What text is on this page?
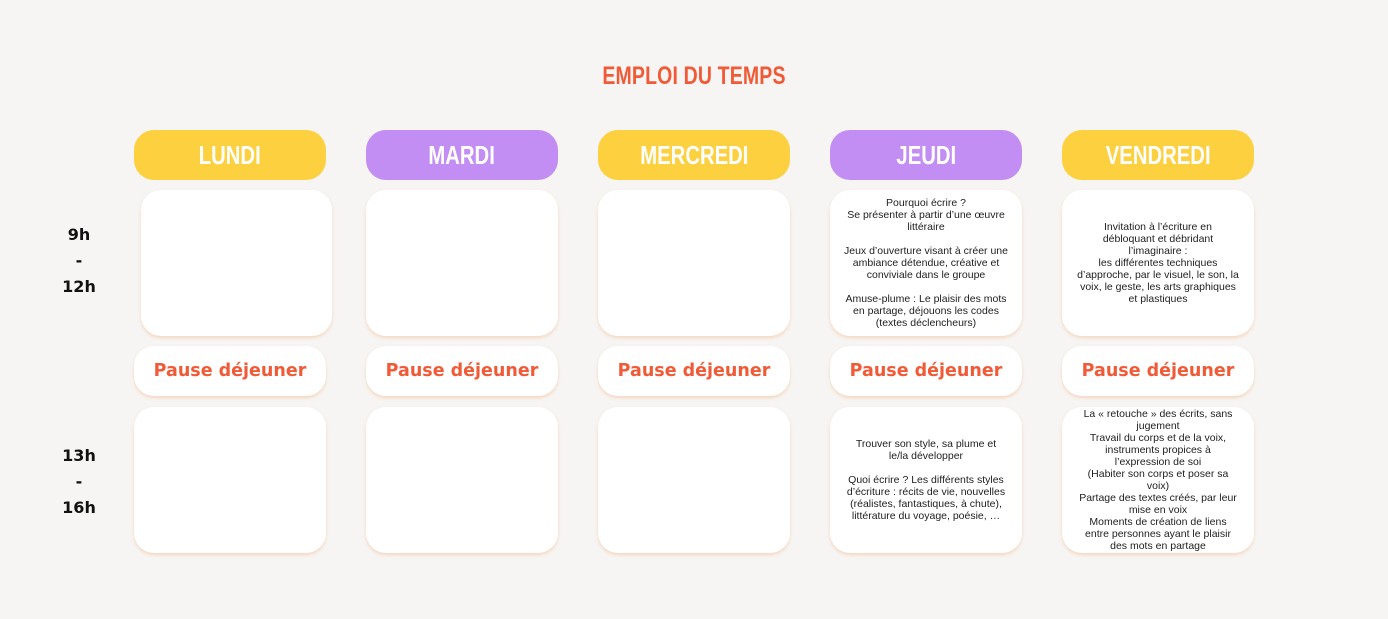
EMPLOI DU TEMPS
9h
-
12h
13h
-
16h
LUNDI
Pause déjeuner
MARDI
Pause déjeuner
MERCREDI
Pause déjeuner
JEUDI
Pourquoi écrire ?
Se présenter à partir d’une œuvre
littéraire
Jeux d’ouverture visant à créer une
ambiance détendue, créative et
conviviale dans le groupe
Amuse-plume : Le plaisir des mots
en partage, déjouons les codes
(textes déclencheurs)
Pause déjeuner
Trouver son style, sa plume et
le/la développer
Quoi écrire ? Les différents styles
d’écriture : récits de vie, nouvelles
(réalistes, fantastiques, à chute),
littérature du voyage, poésie, …
VENDREDI
Invitation à l’écriture en
débloquant et débridant
l’imaginaire :
les différentes techniques
d’approche, par le visuel, le son, la
voix, le geste, les arts graphiques
et plastiques
Pause déjeuner
La « retouche » des écrits, sans
jugement
Travail du corps et de la voix,
instruments propices à
l’expression de soi
(Habiter son corps et poser sa
voix)
Partage des textes créés, par leur
mise en voix
Moments de création de liens
entre personnes ayant le plaisir
des mots en partage
